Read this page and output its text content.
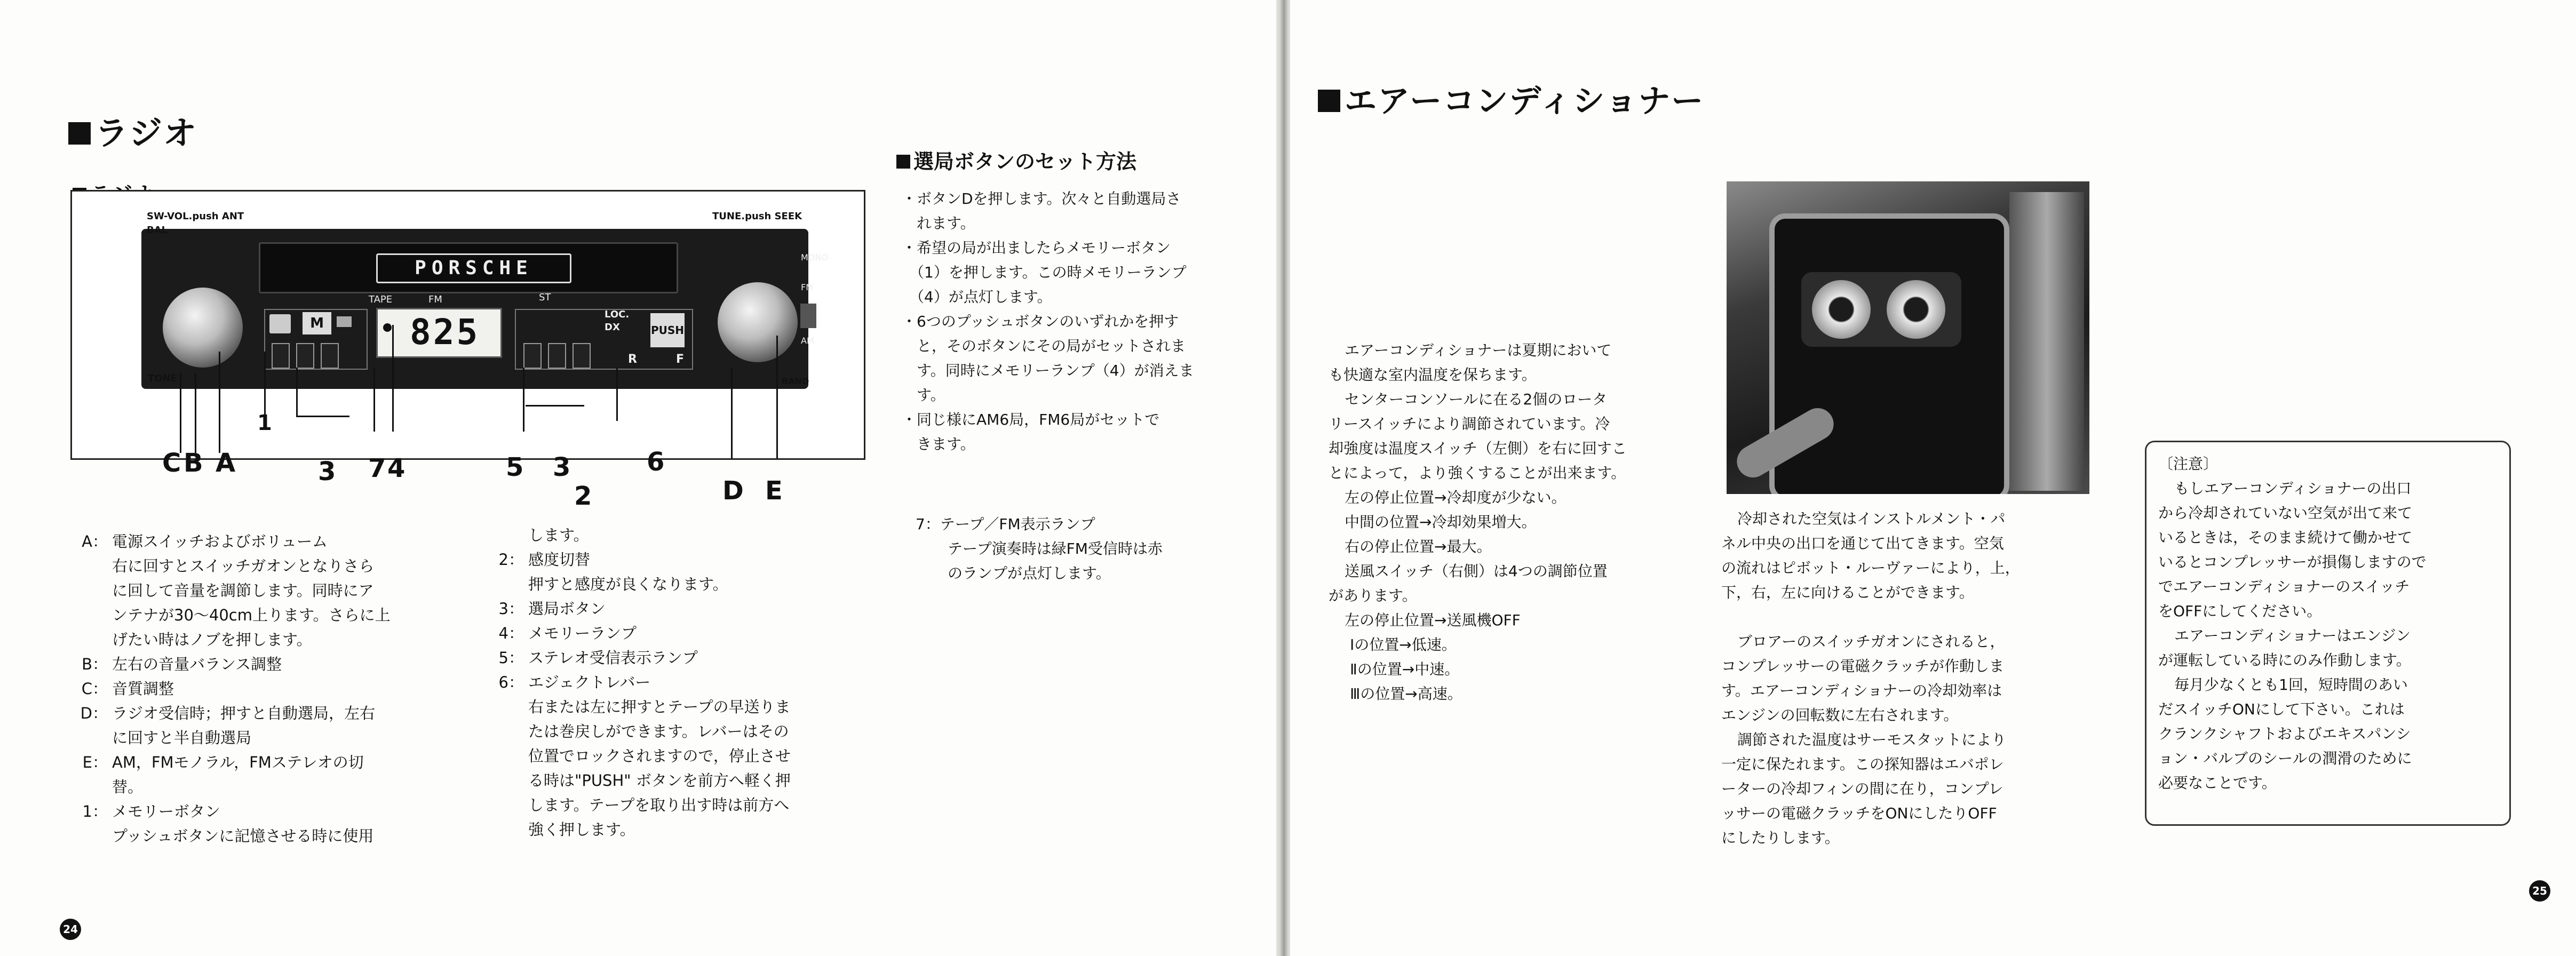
ラジオ
PORSCHE
SW-VOL.push ANT
BAL
TONE
M
TAPE	FM
825
ST
LOC.
DX	PUSH
R	F
TUNE.push SEEK
MONO
FM
AM
BAND
C B A
1
3 7 4	5 3
2
6
D E
A： 電源スイッチおよびボリューム
右に回すとスイッチガオンとなりさら
に回して音量を調節します。同時にア
ンテナが30〜40cm上ります。さらに上
げたい時はノブを押します。
B： 左右の音量バランス調整
C： 音質調整
D： ラジオ受信時；押すと自動選局，左右
に回すと半自動選局
E： AM，FMモノラル，FMステレオの切
替。
1： メモリーボタン
プッシュボタンに記憶させる時に使用
します。
2： 感度切替
押すと感度が良くなります。
3： 選局ボタン
4： メモリーランプ
5： ステレオ受信表示ランプ
6： エジェクトレバー
右または左に押すとテープの早送りま
たは巻戻しができます。レバーはその
位置でロックされますので，停止させ
る時は"PUSH" ボタンを前方へ軽く押
します。テープを取り出す時は前方へ
強く押します。
選局ボタンのセット方法
・ボタンDを押します。次々と自動選局さ
　れます。
・希望の局が出ましたらメモリーボタン
　（1）を押します。この時メモリーランプ
　（4）が点灯します。
・6つのプッシュボタンのいずれかを押す
　と，そのボタンにその局がセットされま
　す。同時にメモリーランプ（4）が消えま
　す。
・同じ様にAM6局，FM6局がセットで
　きます。
7：テープ／FM表示ランプ
テープ演奏時は緑FM受信時は赤
のランプが点灯します。
24
エアーコンディショナー
エアーコンディショナーは夏期において
も快適な室内温度を保ちます。
センターコンソールに在る2個のロータ
リースイッチにより調節されています。冷
却強度は温度スイッチ（左側）を右に回すこ
とによって，より強くすることが出来ます。
左の停止位置→冷却度が少ない。
中間の位置→冷却効果増大。
右の停止位置→最大。
送風スイッチ（右側）は4つの調節位置
があります。
左の停止位置→送風機OFF
Ⅰの位置→低速。
Ⅱの位置→中速。
Ⅲの位置→高速。
冷却された空気はインストルメント・パ
ネル中央の出口を通じて出てきます。空気
の流れはピボット・ルーヴァーにより，上，
下，右，左に向けることができます。
ブロアーのスイッチガオンにされると，
コンプレッサーの電磁クラッチが作動しま
す。エアーコンディショナーの冷却効率は
エンジンの回転数に左右されます。
調節された温度はサーモスタットにより
一定に保たれます。この探知器はエバポレ
ーターの冷却フィンの間に在り，コンプレ
ッサーの電磁クラッチをONにしたりOFF
にしたりします。
〔注意〕
もしエアーコンディショナーの出口
から冷却されていない空気が出て来て
いるときは，そのまま続けて働かせて
いるとコンプレッサーが損傷しますので
でエアーコンディショナーのスイッチ
をOFFにしてください。
エアーコンディショナーはエンジン
が運転している時にのみ作動します。
毎月少なくとも1回，短時間のあい
だスイッチONにして下さい。これは
クランクシャフトおよびエキスパンシ
ョン・バルブのシールの潤滑のために
必要なことです。
25
